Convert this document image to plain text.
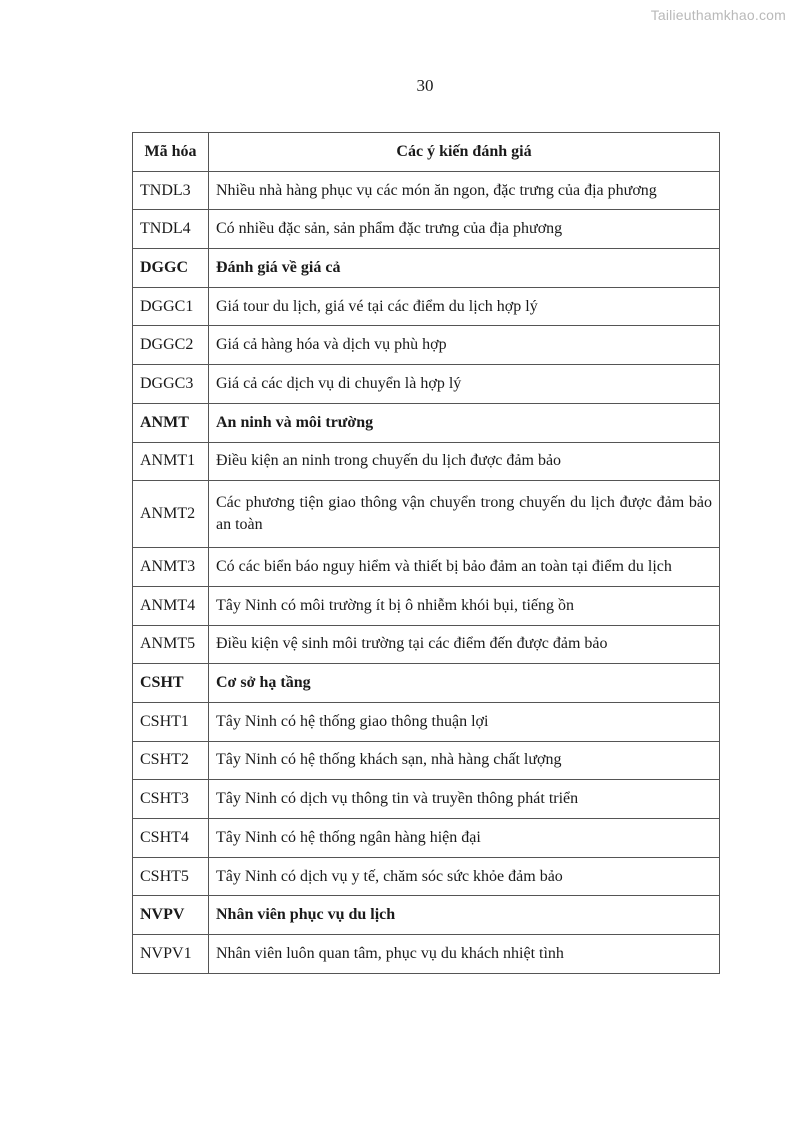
Tailieuthamkhao.com
30
Mã hóa	Các ý kiến đánh giá
TNDL3	Nhiều nhà hàng phục vụ các món ăn ngon, đặc trưng của địa phương
TNDL4	Có nhiều đặc sản, sản phẩm đặc trưng của địa phương
DGGC	Đánh giá về giá cả
DGGC1	Giá tour du lịch, giá vé tại các điểm du lịch hợp lý
DGGC2	Giá cả hàng hóa và dịch vụ phù hợp
DGGC3	Giá cả các dịch vụ di chuyển là hợp lý
ANMT	An ninh và môi trường
ANMT1	Điều kiện an ninh trong chuyến du lịch được đảm bảo
ANMT2	Các phương tiện giao thông vận chuyển trong chuyến du lịch được đảm bảo an toàn
ANMT3	Có các biển báo nguy hiểm và thiết bị bảo đảm an toàn tại điểm du lịch
ANMT4	Tây Ninh có môi trường ít bị ô nhiễm khói bụi, tiếng ồn
ANMT5	Điều kiện vệ sinh môi trường tại các điểm đến được đảm bảo
CSHT	Cơ sở hạ tầng
CSHT1	Tây Ninh có hệ thống giao thông thuận lợi
CSHT2	Tây Ninh có hệ thống khách sạn, nhà hàng chất lượng
CSHT3	Tây Ninh có dịch vụ thông tin và truyền thông phát triển
CSHT4	Tây Ninh có hệ thống ngân hàng hiện đại
CSHT5	Tây Ninh có dịch vụ y tế, chăm sóc sức khỏe đảm bảo
NVPV	Nhân viên phục vụ du lịch
NVPV1	Nhân viên luôn quan tâm, phục vụ du khách nhiệt tình
